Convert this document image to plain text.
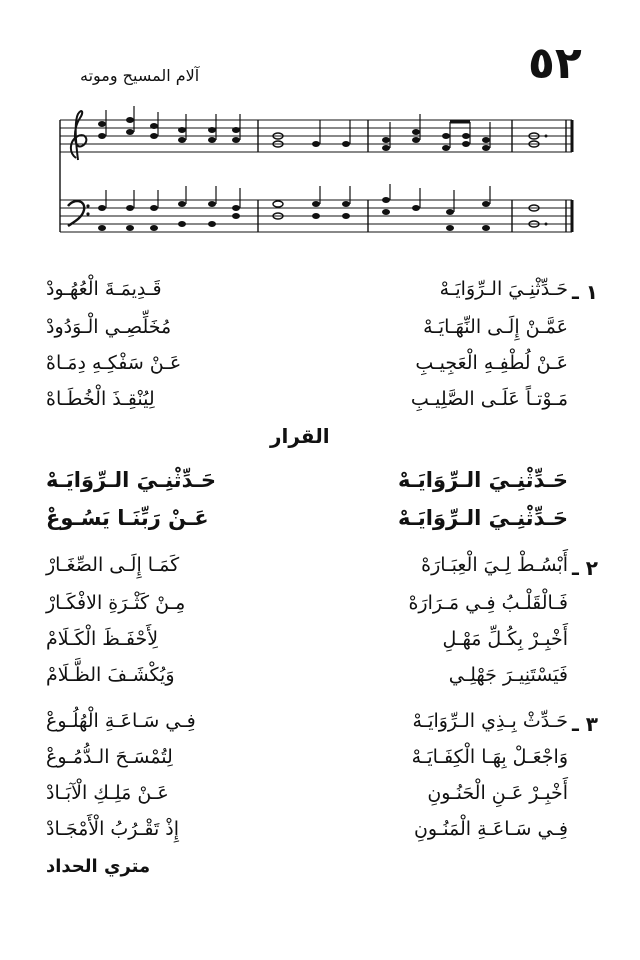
٥٢
آلام المسيح وموته
١ ـ
حَـدِّثْنِـيَ الـرِّوَايَـهْ
قَـدِيمَـةَ الْعُهُـودْ
عَمَّـنْ إِلَـى النِّهَـايَـهْ
مُخَلِّصِـي الْـوَدُودْ
عَـنْ لُطْفِـهِ الْعَجِيـبِ
عَـنْ سَفْكِـهِ دِمَـاهْ
مَـوْتـاً عَلَـى الصَّلِيـبِ
لِيُنْقِـذَ الْخُطَـاهْ
القرار
حَـدِّثْنِـيَ الـرِّوَايَـهْ
حَـدِّثْنِـيَ الـرِّوَايَـهْ
حَـدِّثْنِـيَ الـرِّوَايَـهْ
عَـنْ رَبِّنَـا يَسُـوعْ
٢ ـ
أَبْسُـطْ لِـيَ الْعِبَـارَهْ
كَمَـا إِلَـى الصِّغَـارْ
فَـالْقَلْـبُ فِـي مَـرَارَهْ
مِـنْ كَثْـرَةِ الافْكَـارْ
أَخْبِـرْ بِكُـلِّ مَهْـلِ
لِأَحْفَـظَ الْكَـلَامْ
فَيَسْتَنِيـرَ جَهْلِـي
وَيُكْشَـفَ الظَّـلَامْ
٣ ـ
حَـدِّثْ بِـذِي الـرِّوَايَـهْ
فِـي سَـاعَـةِ الْهُلُـوعْ
وَاجْعَـلْ بِهَـا الْكِفَـايَـهْ
لِتُمْسَـحَ الـدُّمُـوعْ
أَخْبِـرْ عَـنِ الْحَنُـونِ
عَـنْ مَلِـكِ الْآبَـادْ
فِـي سَـاعَـةِ الْمَنُـونِ
إِذْ تَقْـرُبُ الْأَمْجَـادْ
متري الحداد
